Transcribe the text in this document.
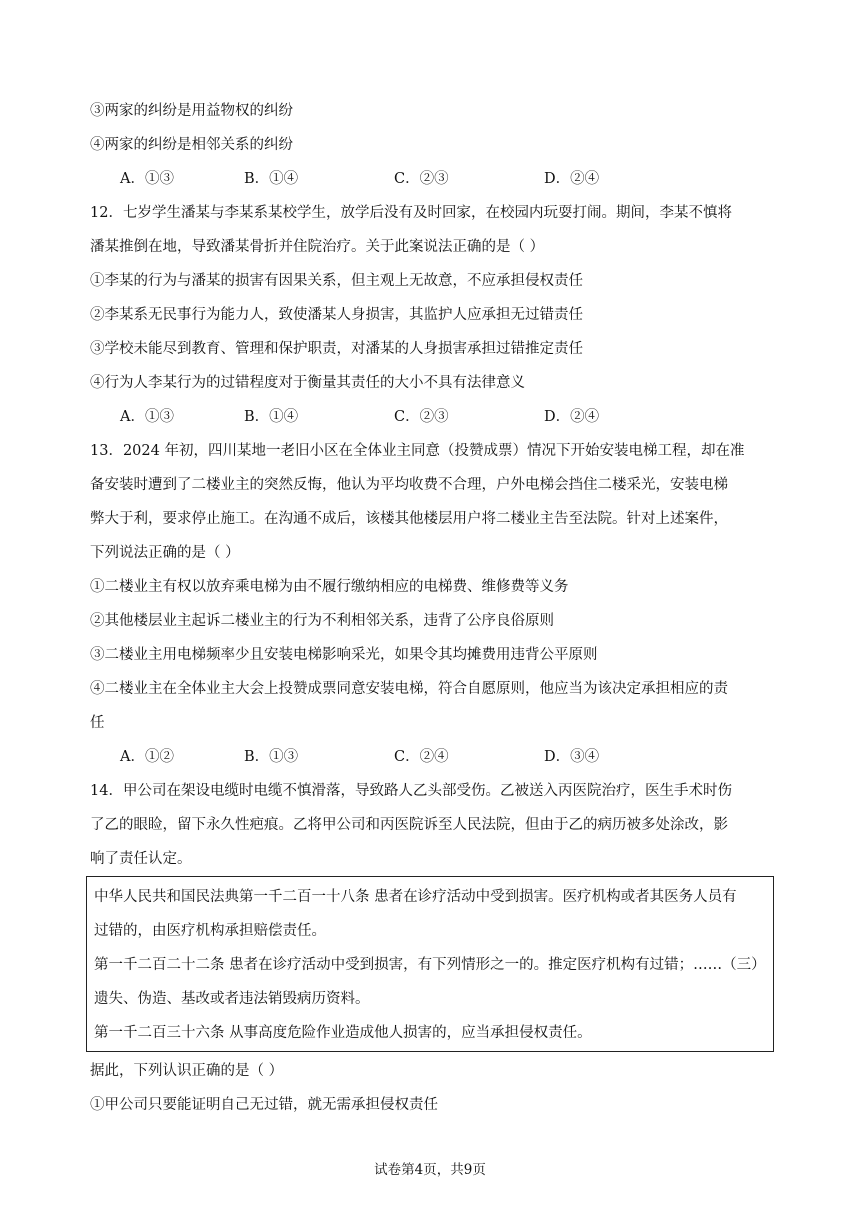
③两家的纠纷是用益物权的纠纷
④两家的纠纷是相邻关系的纠纷
A．①③	B．①④	C．②③	D．②④
12．七岁学生潘某与李某系某校学生，放学后没有及时回家，在校园内玩耍打闹。期间，李某不慎将
潘某推倒在地，导致潘某骨折并住院治疗。关于此案说法正确的是（ ）
①李某的行为与潘某的损害有因果关系，但主观上无故意，不应承担侵权责任
②李某系无民事行为能力人，致使潘某人身损害，其监护人应承担无过错责任
③学校未能尽到教育、管理和保护职责，对潘某的人身损害承担过错推定责任
④行为人李某行为的过错程度对于衡量其责任的大小不具有法律意义
A．①③	B．①④	C．②③	D．②④
13．2024 年初，四川某地一老旧小区在全体业主同意（投赞成票）情况下开始安装电梯工程，却在准
备安装时遭到了二楼业主的突然反悔，他认为平均收费不合理，户外电梯会挡住二楼采光，安装电梯
弊大于利，要求停止施工。在沟通不成后，该楼其他楼层用户将二楼业主告至法院。针对上述案件，
下列说法正确的是（ ）
①二楼业主有权以放弃乘电梯为由不履行缴纳相应的电梯费、维修费等义务
②其他楼层业主起诉二楼业主的行为不利相邻关系，违背了公序良俗原则
③二楼业主用电梯频率少且安装电梯影响采光，如果令其均摊费用违背公平原则
④二楼业主在全体业主大会上投赞成票同意安装电梯，符合自愿原则，他应当为该决定承担相应的责
任
A．①②	B．①③	C．②④	D．③④
14．甲公司在架设电缆时电缆不慎滑落，导致路人乙头部受伤。乙被送入丙医院治疗，医生手术时伤
了乙的眼睑，留下永久性疤痕。乙将甲公司和丙医院诉至人民法院，但由于乙的病历被多处涂改，影
响了责任认定。
中华人民共和国民法典第一千二百一十八条 患者在诊疗活动中受到损害。医疗机构或者其医务人员有
过错的，由医疗机构承担赔偿责任。
第一千二百二十二条 患者在诊疗活动中受到损害，有下列情形之一的。推定医疗机构有过错；……（三）
遗失、伪造、基改或者违法销毁病历资料。
第一千二百三十六条 从事高度危险作业造成他人损害的，应当承担侵权责任。
据此，下列认识正确的是（ ）
①甲公司只要能证明自己无过错，就无需承担侵权责任
试卷第4页，共9页
